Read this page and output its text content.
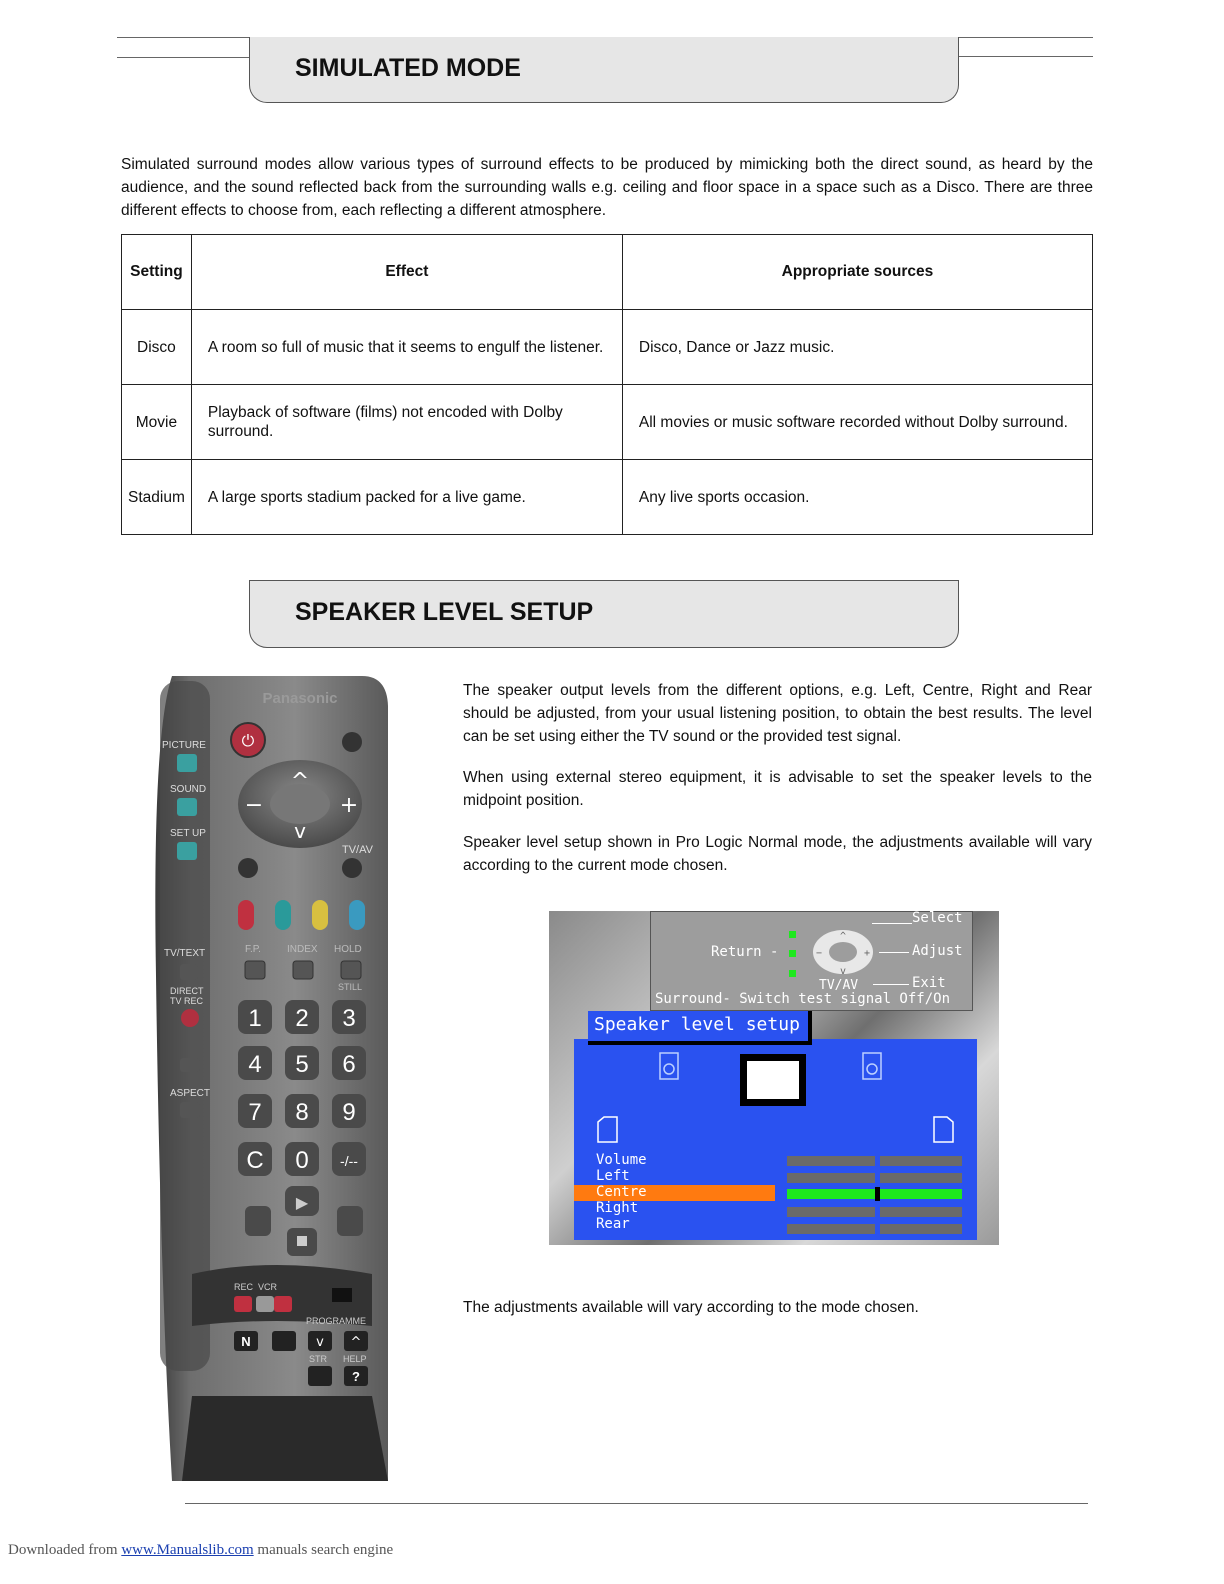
SIMULATED MODE
Simulated surround modes allow various types of surround effects to be produced by mimicking both the direct sound, as heard by the audience, and the sound reflected back from the surrounding walls e.g. ceiling and floor space in a space such as a Disco. There are three different effects to choose from, each reflecting a different atmosphere.
Setting	Effect	Appropriate sources
Disco	A room so full of music that it seems to engulf the listener.	Disco, Dance or Jazz music.
Movie	Playback of software (films) not encoded with Dolby surround.	All movies or music software recorded without Dolby surround.
Stadium	A large sports stadium packed for a live game.	Any live sports occasion.
SPEAKER LEVEL SETUP
Panasonic
⏻
PICTURE
SOUND
SET UP
^
v
−	+
TV/AV
TV/TEXT	F.P.	INDEX HOLD
STILL
DIRECT
TV REC
1 2 3
4 5 6
7 8 9
C 0 -/--
ASPECT
▶
REC VCR
PROGRAMME
N	v ^
STR HELP
?
The speaker output levels from the different options, e.g. Left, Centre, Right and Rear should be adjusted, from your usual listening position, to obtain the best results. The level can be set using either the TV sound or the provided test signal.
When using external stereo equipment, it is advisable to set the speaker levels to the midpoint position.
Speaker level setup shown in Pro Logic Normal mode, the adjustments available will vary according to the current mode chosen.
^
v
−	+
Select
Adjust
Exit
Return -
TV/AV
Surround- Switch test signal Off/On
Speaker level setup
Volume
Left
Centre
Right
Rear
The adjustments available will vary according to the mode chosen.
Downloaded from www.Manualslib.com manuals search engine
